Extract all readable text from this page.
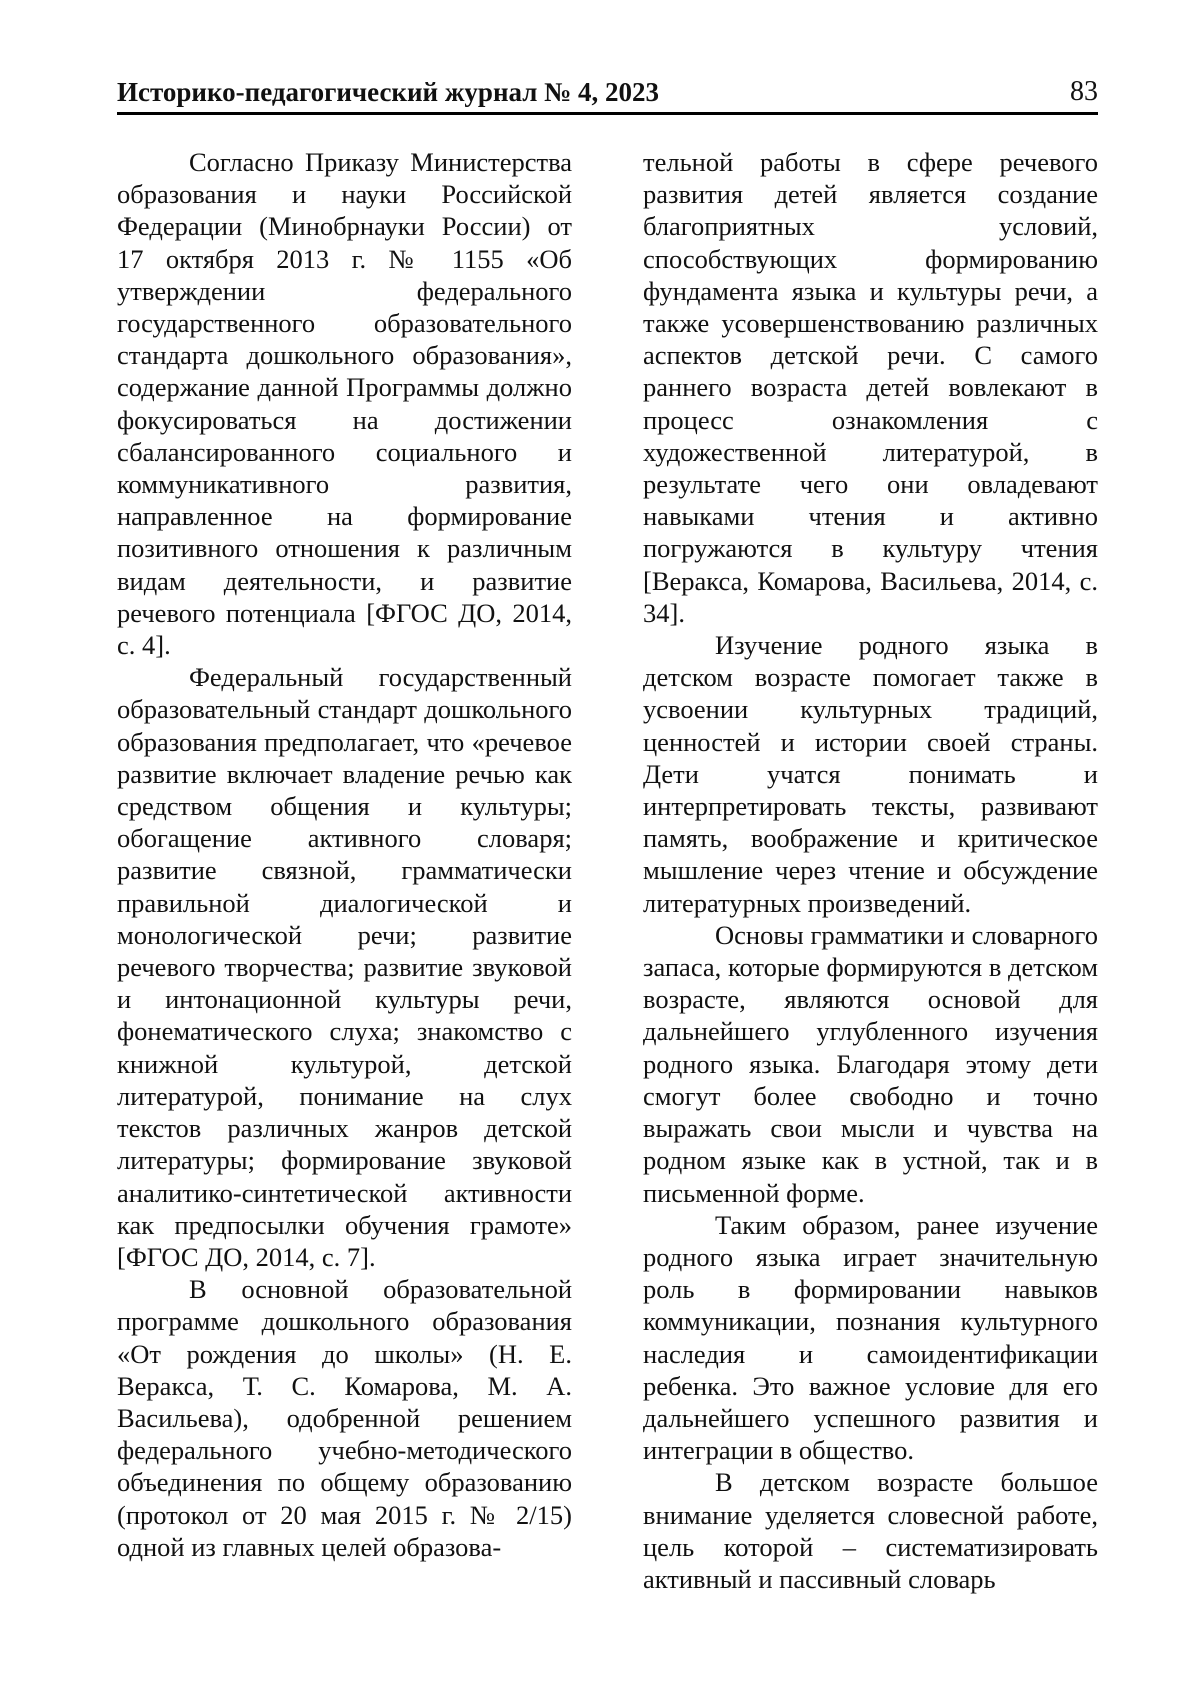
Историко-педагогический журнал № 4, 2023	83

Согласно Приказу Министерства образования и науки Российской Федерации (Минобрнауки России) от 17 октября 2013 г. № 1155 «Об утверждении федерального государственного образовательного стандарта дошкольного образования», содержание данной Программы должно фокусироваться на достижении сбалансированного социального и коммуникативного развития, направленное на формирование позитивного отношения к различным видам деятельности, и развитие речевого потенциала [ФГОС ДО, 2014, с. 4].

Федеральный государственный образовательный стандарт дошкольного образования предполагает, что «речевое развитие включает владение речью как средством общения и культуры; обогащение активного словаря; развитие связной, грамматически правильной диалогической и монологической речи; развитие речевого творчества; развитие звуковой и интонационной культуры речи, фонематического слуха; знакомство с книжной культурой, детской литературой, понимание на слух текстов различных жанров детской литературы; формирование звуковой аналитико-синтетической активности как предпосылки обучения грамоте» [ФГОС ДО, 2014, с. 7].

В основной образовательной программе дошкольного образования «От рождения до школы» (Н. Е. Веракса, Т. С. Комарова, М. А. Васильева), одобренной решением федерального учебно-методического объединения по общему образованию (протокол от 20 мая 2015 г. № 2/15) одной из главных целей образова-

тельной работы в сфере речевого развития детей является создание благоприятных условий, способствующих формированию фундамента языка и культуры речи, а также усовершенствованию различных аспектов детской речи. С самого раннего возраста детей вовлекают в процесс ознакомления с художественной литературой, в результате чего они овладевают навыками чтения и активно погружаются в культуру чтения [Веракса, Комарова, Васильева, 2014, с. 34].

Изучение родного языка в детском возрасте помогает также в усвоении культурных традиций, ценностей и истории своей страны. Дети учатся понимать и интерпретировать тексты, развивают память, воображение и критическое мышление через чтение и обсуждение литературных произведений.

Основы грамматики и словарного запаса, которые формируются в детском возрасте, являются основой для дальнейшего углубленного изучения родного языка. Благодаря этому дети смогут более свободно и точно выражать свои мысли и чувства на родном языке как в устной, так и в письменной форме.

Таким образом, ранее изучение родного языка играет значительную роль в формировании навыков коммуникации, познания культурного наследия и самоидентификации ребенка. Это важное условие для его дальнейшего успешного развития и интеграции в общество.

В детском возрасте большое внимание уделяется словесной работе, цель которой – систематизировать активный и пассивный словарь
